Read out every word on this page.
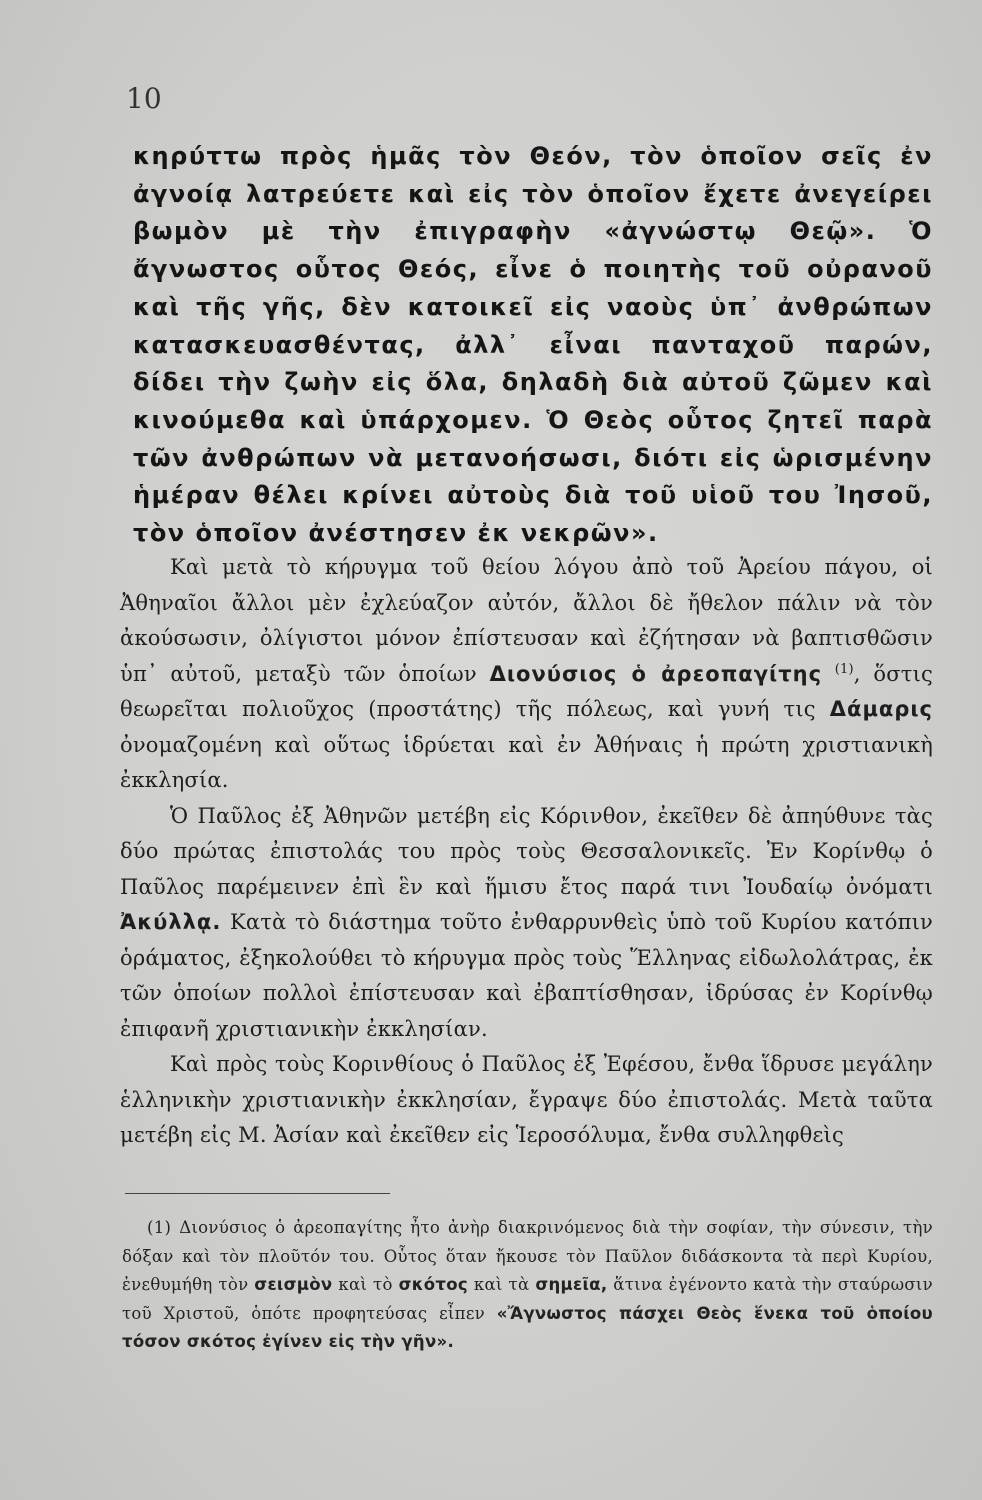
10
κηρύττω πρὸς ἡμᾶς τὸν Θεόν, τὸν ὁποῖον σεῖς ἐν ἀγνοίᾳ λατρεύετε καὶ εἰς τὸν ὁποῖον ἔχετε ἀνεγείρει βωμὸν μὲ τὴν ἐπιγραφὴν «ἀγνώστῳ Θεῷ». Ὁ ἄγνωστος οὗτος Θεός, εἶνε ὁ ποιητὴς τοῦ οὐρανοῦ καὶ τῆς γῆς, δὲν κατοικεῖ εἰς ναοὺς ὑπ᾽ ἀνθρώπων κατασκευασθέντας, ἀλλ᾽ εἶναι πανταχοῦ παρών, δίδει τὴν ζωὴν εἰς ὅλα, δηλαδὴ διὰ αὐτοῦ ζῶμεν καὶ κινούμεθα καὶ ὑπάρχομεν. Ὁ Θεὸς οὗτος ζητεῖ παρὰ τῶν ἀνθρώπων νὰ μετανοήσωσι, διότι εἰς ὡρισμένην ἡμέραν θέλει κρίνει αὐτοὺς διὰ τοῦ υἱοῦ του Ἰησοῦ, τὸν ὁποῖον ἀνέστησεν ἐκ νεκρῶν».

Καὶ μετὰ τὸ κήρυγμα τοῦ θείου λόγου ἀπὸ τοῦ Ἀρείου πάγου, οἱ Ἀθηναῖοι ἄλλοι μὲν ἐχλεύαζον αὐτόν, ἄλλοι δὲ ἤθελον πάλιν νὰ τὸν ἀκούσωσιν, ὀλίγιστοι μόνον ἐπίστευσαν καὶ ἐζήτησαν νὰ βαπτισθῶσιν ὑπ᾽ αὐτοῦ, μεταξὺ τῶν ὁποίων Διονύσιος ὁ ἀρεοπαγίτης $^{(1)}$, ὅστις θεωρεῖται πολιοῦχος (προστάτης) τῆς πόλεως, καὶ γυνή τις Δάμαρις ὀνομαζομένη καὶ οὕτως ἱδρύεται καὶ ἐν Ἀθήναις ἡ πρώτη χριστιανικὴ ἐκκλησία.

Ὁ Παῦλος ἐξ Ἀθηνῶν μετέβη εἰς Κόρινθον, ἐκεῖθεν δὲ ἀπηύθυνε τὰς δύο πρώτας ἐπιστολάς του πρὸς τοὺς Θεσσαλονικεῖς. Ἐν Κορίνθῳ ὁ Παῦλος παρέμεινεν ἐπὶ ἓν καὶ ἥμισυ ἔτος παρά τινι Ἰουδαίῳ ὀνόματι Ἀκύλλᾳ. Κατὰ τὸ διάστημα τοῦτο ἐνθαρρυνθεὶς ὑπὸ τοῦ Κυρίου κατόπιν ὁράματος, ἐξηκολούθει τὸ κήρυγμα πρὸς τοὺς Ἕλληνας εἰδωλολάτρας, ἐκ τῶν ὁποίων πολλοὶ ἐπίστευσαν καὶ ἐβαπτίσθησαν, ἱδρύσας ἐν Κορίνθῳ ἐπιφανῆ χριστιανικὴν ἐκκλησίαν.

Καὶ πρὸς τοὺς Κορινθίους ὁ Παῦλος ἐξ Ἐφέσου, ἔνθα ἵδρυσε μεγάλην ἑλληνικὴν χριστιανικὴν ἐκκλησίαν, ἔγραψε δύο ἐπιστολάς. Μετὰ ταῦτα μετέβη εἰς Μ. Ἀσίαν καὶ ἐκεῖθεν εἰς Ἱεροσόλυμα, ἔνθα συλληφθεὶς

(1) Διονύσιος ὁ ἀρεοπαγίτης ἦτο ἀνὴρ διακρινόμενος διὰ τὴν σοφίαν, τὴν σύνεσιν, τὴν δόξαν καὶ τὸν πλοῦτόν του. Οὗτος ὅταν ἤκουσε τὸν Παῦλον διδάσκοντα τὰ περὶ Κυρίου, ἐνεθυμήθη τὸν σεισμὸν καὶ τὸ σκότος καὶ τὰ σημεῖα, ἅτινα ἐγένοντο κατὰ τὴν σταύρωσιν τοῦ Χριστοῦ, ὁπότε προφητεύσας εἶπεν «Ἄγνωστος πάσχει Θεὸς ἕνεκα τοῦ ὁποίου τόσον σκότος ἐγίνεν εἰς τὴν γῆν».
